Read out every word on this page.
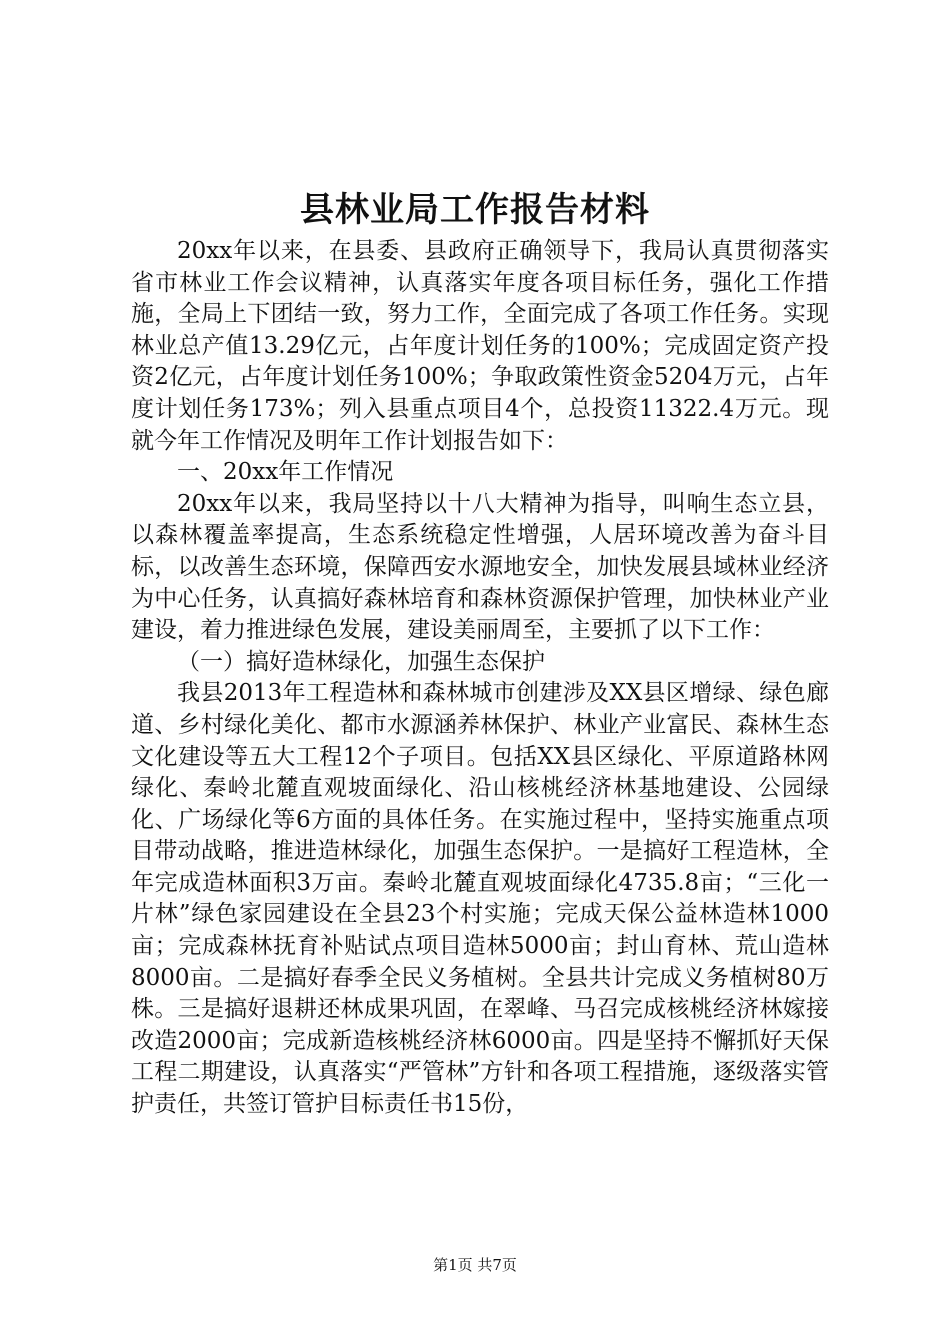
县林业局工作报告材料

20xx年以来，在县委、县政府正确领导下，我局认真贯彻落实省市林业工作会议精神，认真落实年度各项目标任务，强化工作措施，全局上下团结一致，努力工作，全面完成了各项工作任务。实现林业总产值13.29亿元，占年度计划任务的100%；完成固定资产投资2亿元，占年度计划任务100%；争取政策性资金5204万元，占年度计划任务173%；列入县重点项目4个，总投资11322.4万元。现就今年工作情况及明年工作计划报告如下：

一、20xx年工作情况

20xx年以来，我局坚持以十八大精神为指导，叫响生态立县，以森林覆盖率提高，生态系统稳定性增强，人居环境改善为奋斗目标，以改善生态环境，保障西安水源地安全，加快发展县域林业经济为中心任务，认真搞好森林培育和森林资源保护管理，加快林业产业建设，着力推进绿色发展，建设美丽周至，主要抓了以下工作：

（一）搞好造林绿化，加强生态保护

我县2013年工程造林和森林城市创建涉及XX县区增绿、绿色廊道、乡村绿化美化、都市水源涵养林保护、林业产业富民、森林生态文化建设等五大工程12个子项目。包括XX县区绿化、平原道路林网绿化、秦岭北麓直观坡面绿化、沿山核桃经济林基地建设、公园绿化、广场绿化等6方面的具体任务。在实施过程中，坚持实施重点项目带动战略，推进造林绿化，加强生态保护。一是搞好工程造林，全年完成造林面积3万亩。秦岭北麓直观坡面绿化4735.8亩；“三化一片林”绿色家园建设在全县23个村实施；完成天保公益林造林1000亩；完成森林抚育补贴试点项目造林5000亩；封山育林、荒山造林8000亩。二是搞好春季全民义务植树。全县共计完成义务植树80万株。三是搞好退耕还林成果巩固，在翠峰、马召完成核桃经济林嫁接改造2000亩；完成新造核桃经济林6000亩。四是坚持不懈抓好天保工程二期建设，认真落实“严管林”方针和各项工程措施，逐级落实管护责任，共签订管护目标责任书15份，

第1页 共7页
